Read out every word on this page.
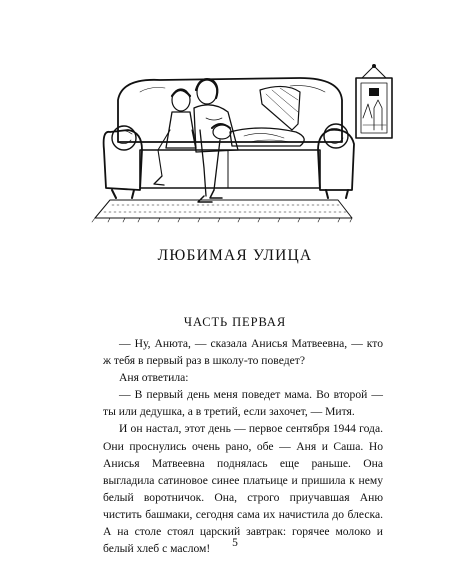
ЛЮБИМАЯ УЛИЦА
ЧАСТЬ ПЕРВАЯ

— Ну, Анюта, — сказала Анисья Матвеевна, — кто ж тебя в первый раз в школу-то поведет?

Аня ответила:

— В первый день меня поведет мама. Во второй — ты или дедушка, а в третий, если захочет, — Митя.

И он настал, этот день — первое сентября 1944 года. Они проснулись очень рано, обе — Аня и Саша. Но Анисья Матвеевна поднялась еще раньше. Она выгладила сатиновое синее платьице и пришила к нему белый воротничок. Она, строго приучавшая Аню чистить башмаки, сегодня сама их начистила до блеска. А на столе стоял царский завтрак: горячее молоко и белый хлеб с маслом!	5
